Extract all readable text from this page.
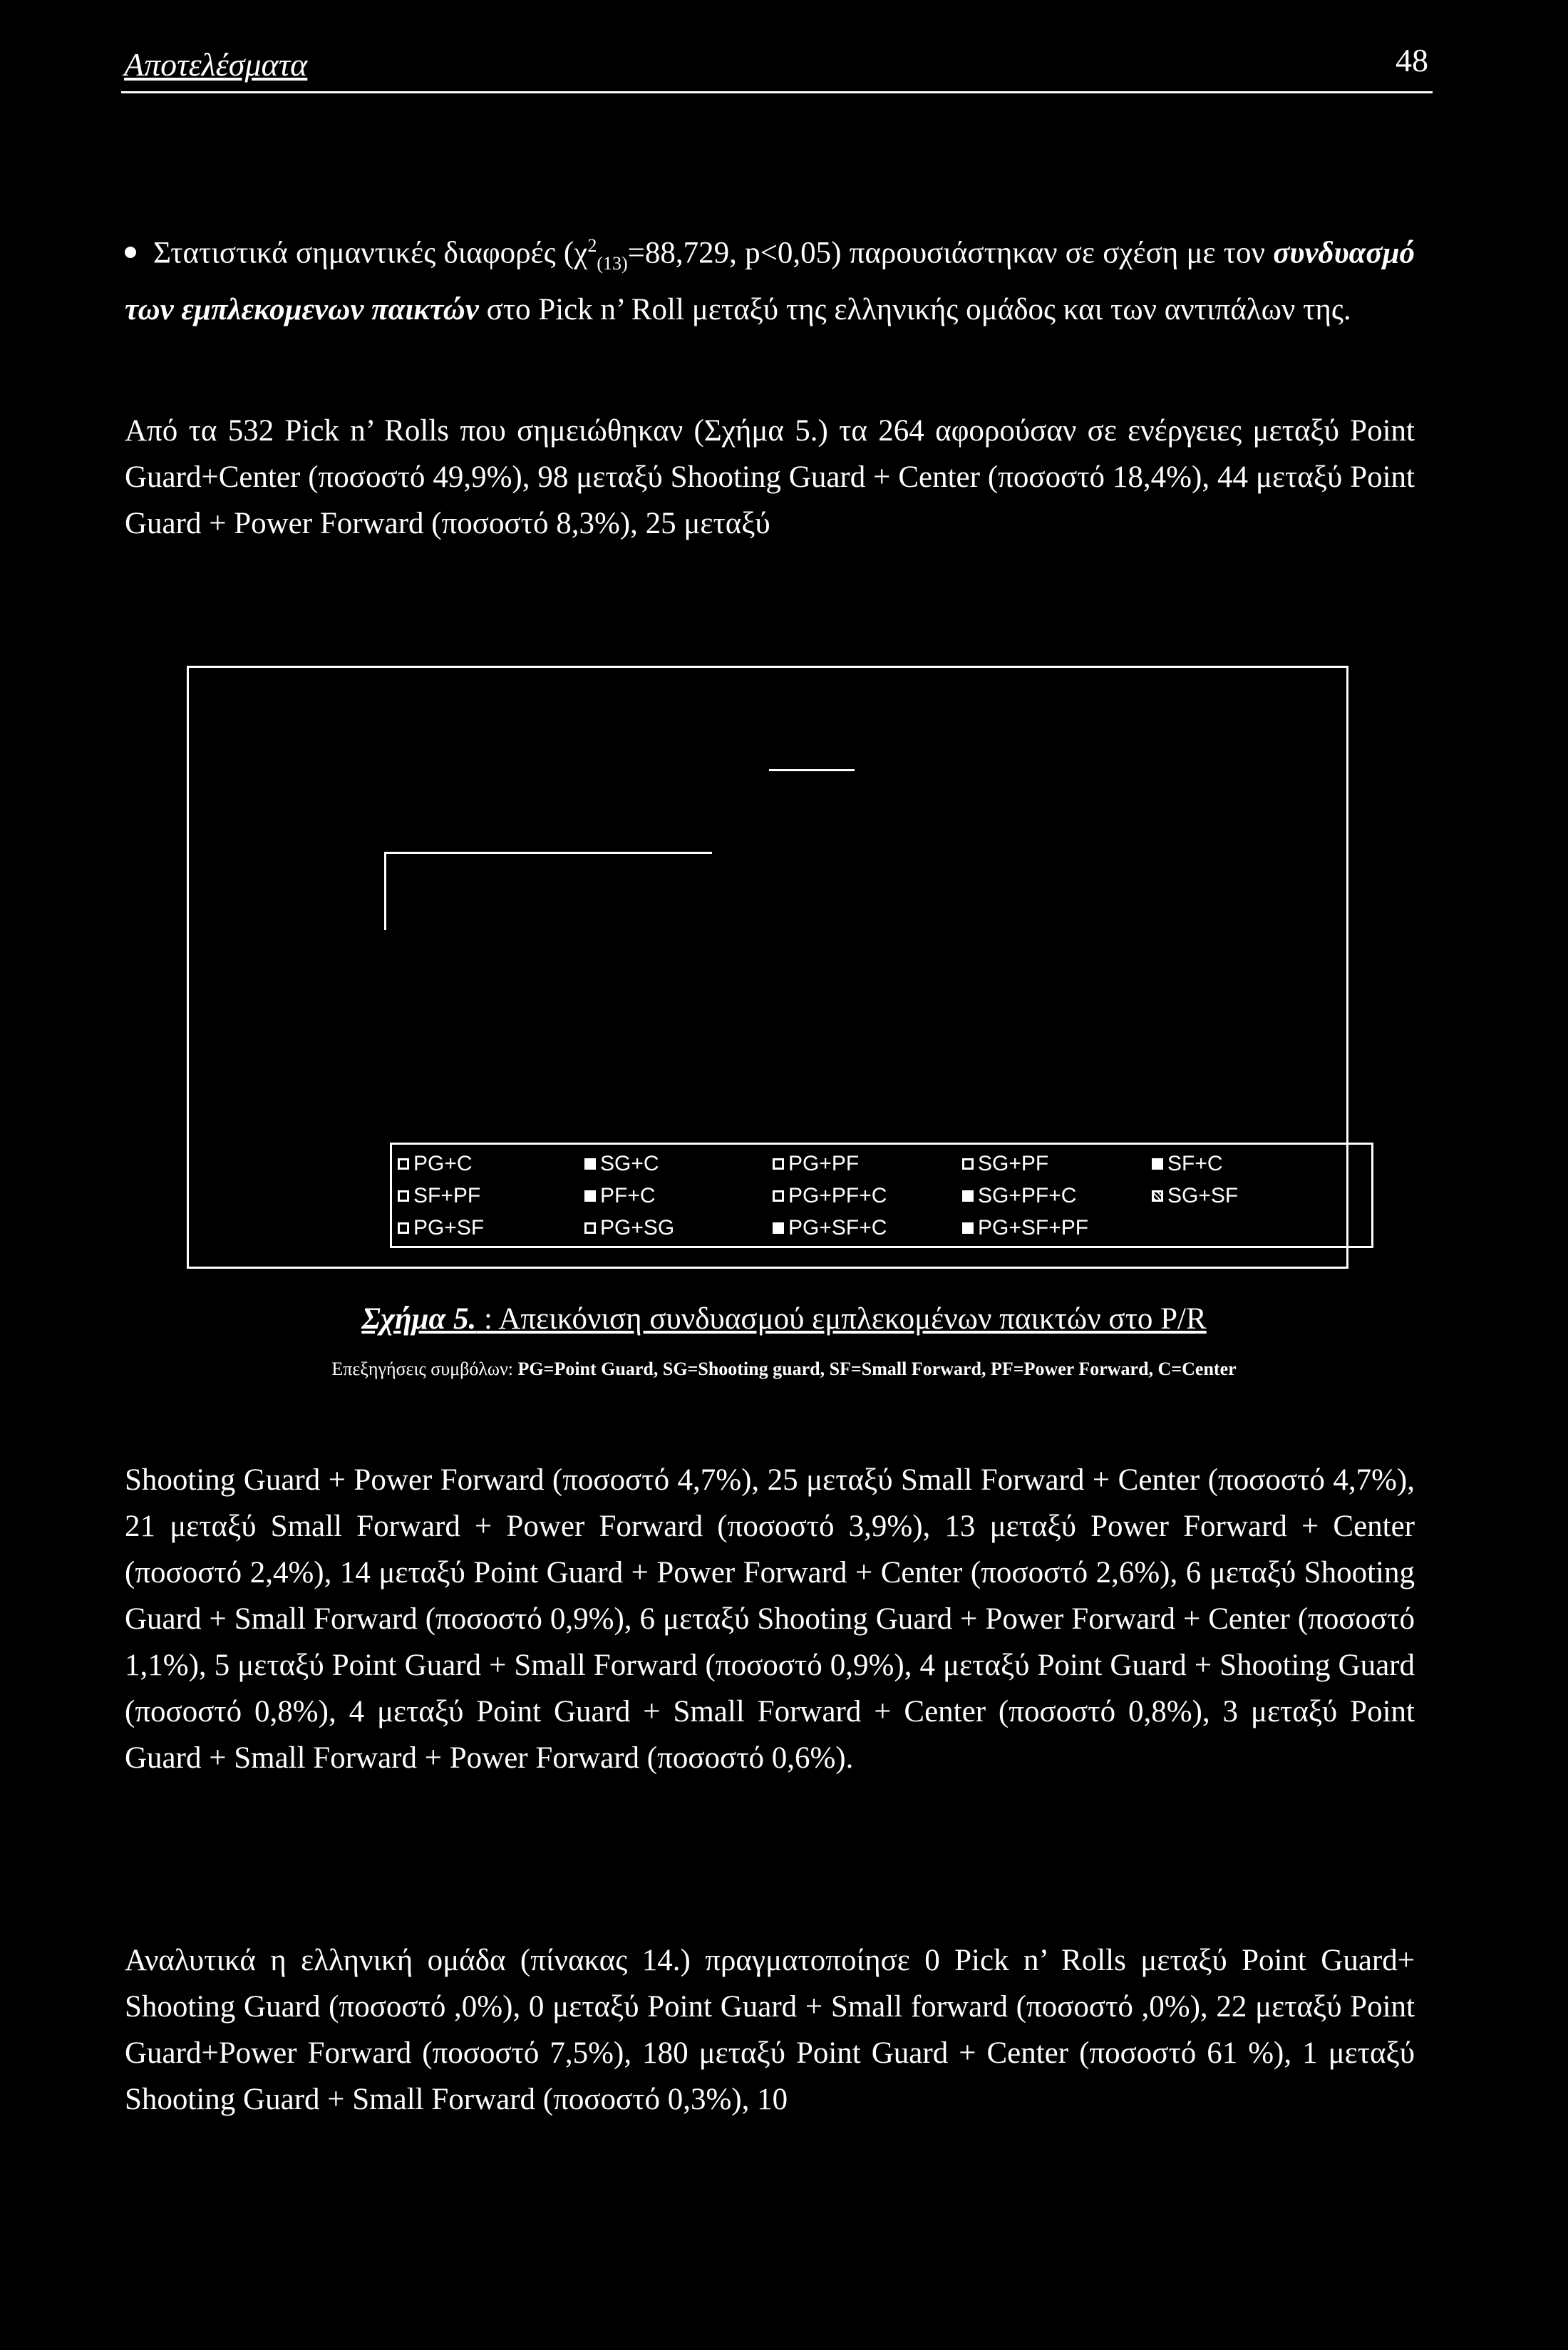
Αποτελέσματα	48
Στατιστικά σημαντικές διαφορές ($\chi^2_{(13)}=88,729$, p<0,05) παρουσιάστηκαν σε σχέση με τον συνδυασμό των εμπλεκομενων παικτών στο Pick n’ Roll μεταξύ της ελληνικής ομάδος και των αντιπάλων της.
Από τα 532 Pick n’ Rolls που σημειώθηκαν (Σχήμα 5.) τα 264 αφορούσαν σε ενέργειες μεταξύ Point Guard+Center (ποσοστό 49,9%), 98 μεταξύ Shooting Guard + Center (ποσοστό 18,4%), 44 μεταξύ Point Guard + Power Forward (ποσοστό 8,3%), 25 μεταξύ
PG+C	SG+C	PG+PF	SG+PF	SF+C
SF+PF	PF+C	PG+PF+C	SG+PF+C	SG+SF
PG+SF	PG+SG	PG+SF+C	PG+SF+PF
Σχήμα 5. : Απεικόνιση συνδυασμού εμπλεκομένων παικτών στο P/R
Επεξηγήσεις συμβόλων: PG=Point Guard, SG=Shooting guard, SF=Small Forward, PF=Power Forward, C=Center
Shooting Guard + Power Forward (ποσοστό 4,7%), 25 μεταξύ Small Forward + Center (ποσοστό 4,7%), 21 μεταξύ Small Forward + Power Forward (ποσοστό 3,9%), 13 μεταξύ Power Forward + Center (ποσοστό 2,4%), 14 μεταξύ Point Guard + Power Forward + Center (ποσοστό 2,6%), 6 μεταξύ Shooting Guard + Small Forward (ποσοστό 0,9%), 6 μεταξύ Shooting Guard + Power Forward + Center (ποσοστό 1,1%), 5 μεταξύ Point Guard + Small Forward (ποσοστό 0,9%), 4 μεταξύ Point Guard + Shooting Guard (ποσοστό 0,8%), 4 μεταξύ Point Guard + Small Forward + Center (ποσοστό 0,8%), 3 μεταξύ Point Guard + Small Forward + Power Forward (ποσοστό 0,6%).
Αναλυτικά η ελληνική ομάδα (πίνακας 14.) πραγματοποίησε 0 Pick n’ Rolls μεταξύ Point Guard+ Shooting Guard (ποσοστό ,0%), 0 μεταξύ Point Guard + Small forward (ποσοστό ,0%), 22 μεταξύ Point Guard+Power Forward (ποσοστό 7,5%), 180 μεταξύ Point Guard + Center (ποσοστό 61 %), 1 μεταξύ Shooting Guard + Small Forward (ποσοστό 0,3%), 10
